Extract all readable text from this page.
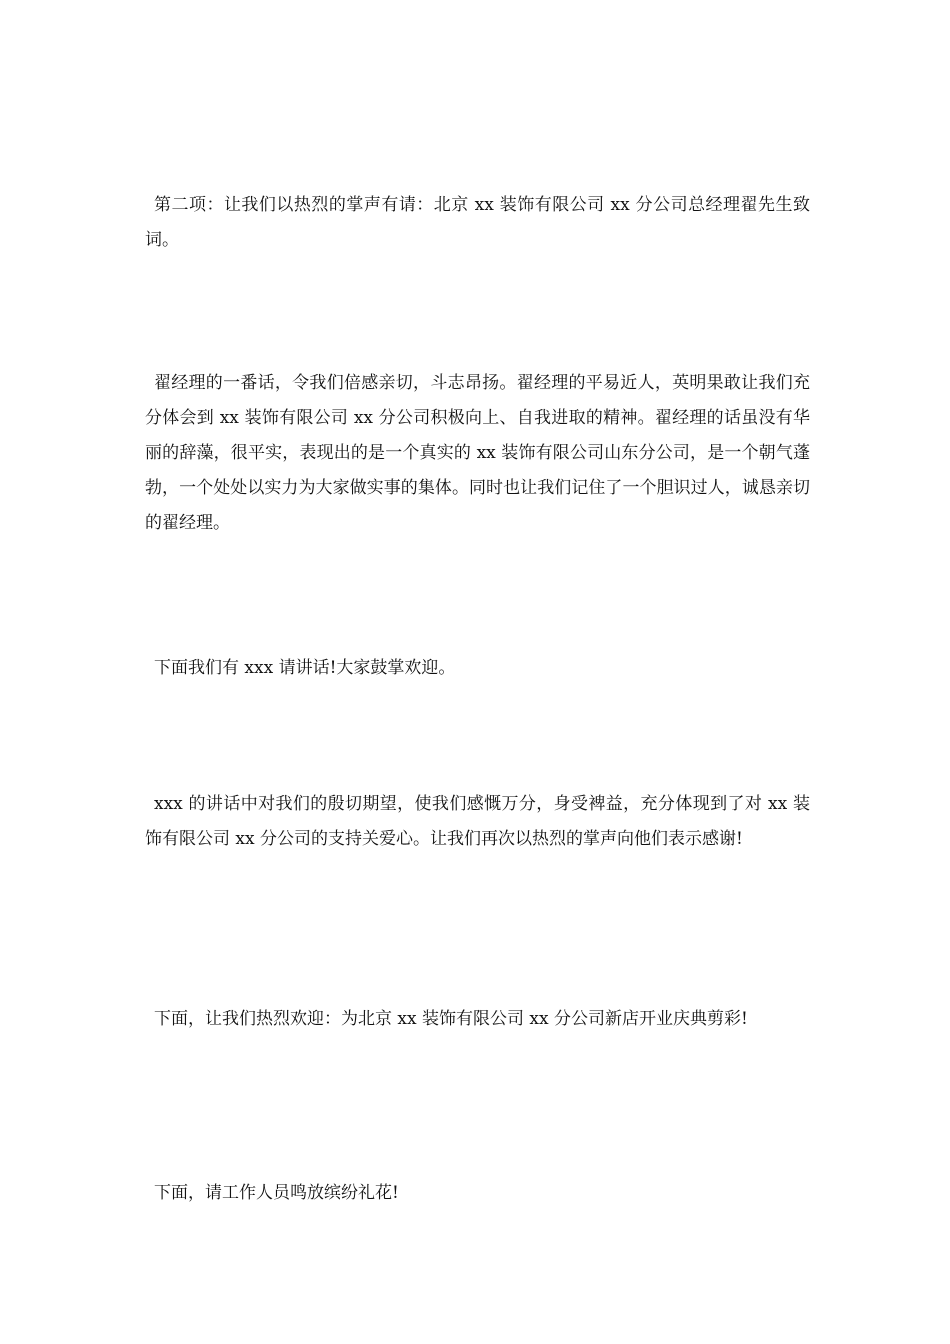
第二项：让我们以热烈的掌声有请：北京 xx 装饰有限公司 xx 分公司总经理翟先生致词。

翟经理的一番话，令我们倍感亲切，斗志昂扬。翟经理的平易近人，英明果敢让我们充分体会到 xx 装饰有限公司 xx 分公司积极向上、自我进取的精神。翟经理的话虽没有华丽的辞藻，很平实，表现出的是一个真实的 xx 装饰有限公司山东分公司，是一个朝气蓬勃，一个处处以实力为大家做实事的集体。同时也让我们记住了一个胆识过人，诚恳亲切的翟经理。

下面我们有 xxx 请讲话!大家鼓掌欢迎。

xxx 的讲话中对我们的殷切期望，使我们感慨万分，身受裨益，充分体现到了对 xx 装饰有限公司 xx 分公司的支持关爱心。让我们再次以热烈的掌声向他们表示感谢!

下面，让我们热烈欢迎：为北京 xx 装饰有限公司 xx 分公司新店开业庆典剪彩!

下面，请工作人员鸣放缤纷礼花!
